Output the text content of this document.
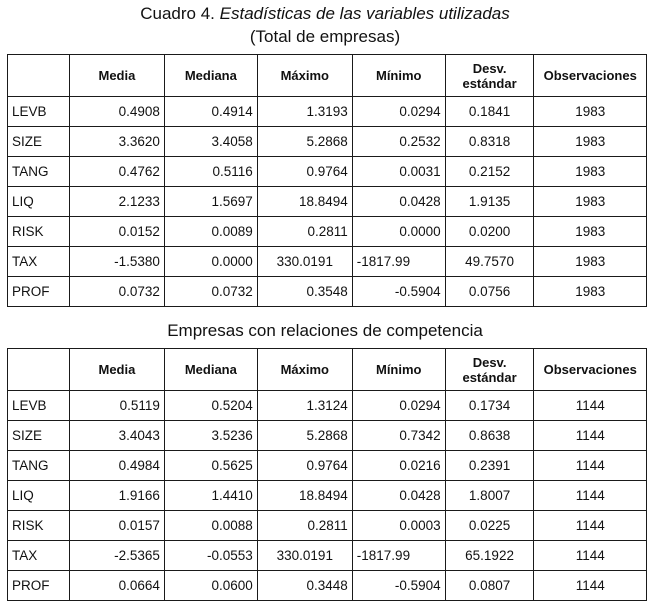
Cuadro 4. Estadísticas de las variables utilizadas
(Total de empresas)
	Media	Mediana	Máximo	Mínimo	Desv. estándar	Observaciones
LEVB	0.4908	0.4914	1.3193	0.0294	0.1841	1983
SIZE	3.3620	3.4058	5.2868	0.2532	0.8318	1983
TANG	0.4762	0.5116	0.9764	0.0031	0.2152	1983
LIQ	2.1233	1.5697	18.8494	0.0428	1.9135	1983
RISK	0.0152	0.0089	0.2811	0.0000	0.0200	1983
TAX	-1.5380	0.0000	330.0191	-1817.99	49.7570	1983
PROF	0.0732	0.0732	0.3548	-0.5904	0.0756	1983
Empresas con relaciones de competencia
	Media	Mediana	Máximo	Mínimo	Desv. estándar	Observaciones
LEVB	0.5119	0.5204	1.3124	0.0294	0.1734	1144
SIZE	3.4043	3.5236	5.2868	0.7342	0.8638	1144
TANG	0.4984	0.5625	0.9764	0.0216	0.2391	1144
LIQ	1.9166	1.4410	18.8494	0.0428	1.8007	1144
RISK	0.0157	0.0088	0.2811	0.0003	0.0225	1144
TAX	-2.5365	-0.0553	330.0191	-1817.99	65.1922	1144
PROF	0.0664	0.0600	0.3448	-0.5904	0.0807	1144
